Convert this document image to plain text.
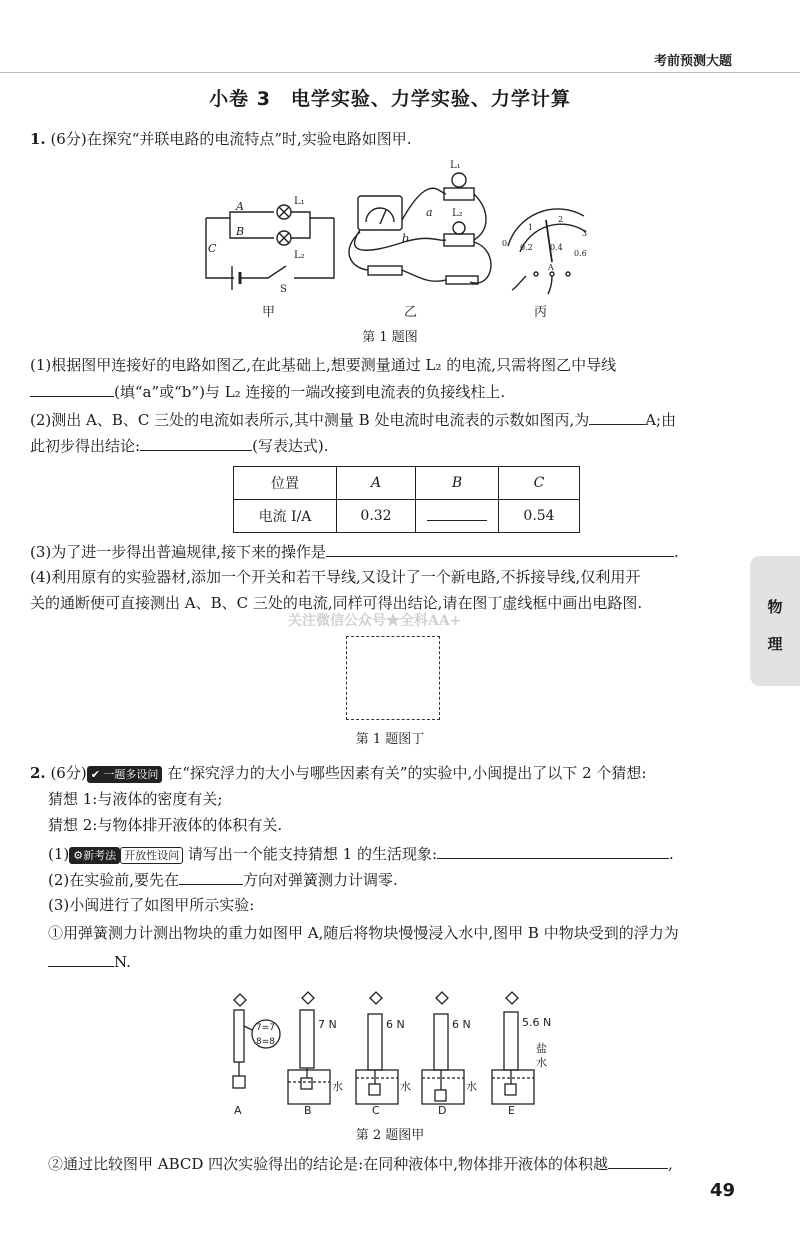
考前预测大题
小卷 3　电学实验、力学实验、力学计算
物
理
1. (6分)在探究“并联电路的电流特点”时,实验电路如图甲.
A
B
C
a
b
S
L₁
L₂
L₁
L₂
0 0.2
1
2
3
0.4
0.6
A
甲	乙	丙
第 1 题图
(1)根据图甲连接好的电路如图乙,在此基础上,想要测量通过 L₂ 的电流,只需将图乙中导线
(填“a”或“b”)与 L₂ 连接的一端改接到电流表的负接线柱上.
(2)测出 A、B、C 三处的电流如表所示,其中测量 B 处电流时电流表的示数如图丙,为	A;由
此初步得出结论:	(写表达式).
位置	A	B	C
电流 I/A	0.32		0.54
(3)为了进一步得出普遍规律,接下来的操作是	.
(4)利用原有的实验器材,添加一个开关和若干导线,又设计了一个新电路,不拆接导线,仅利用开
关的通断便可直接测出 A、B、C 三处的电流,同样可得出结论,请在图丁虚线框中画出电路图.
关注微信公众号★全科AA+
第 1 题图丁
2. (6分) ✔ 一题多设问 在“探究浮力的大小与哪些因素有关”的实验中,小闽提出了以下 2 个猜想:
猜想 1:与液体的密度有关;
猜想 2:与物体排开液体的体积有关.
(1) ⚙新考法 开放性设问 请写出一个能支持猜想 1 的生活现象:	.
(2)在实验前,要先在	方向对弹簧测力计调零.
(3)小闽进行了如图甲所示实验:
①用弹簧测力计测出物块的重力如图甲 A,随后将物块慢慢浸入水中,图甲 B 中物块受到的浮力为
N.
7=7
8=8
7 N	6 N	6 N	5.6 N
水	水	水
盐
水
A	B	C	D	E
第 2 题图甲
②通过比较图甲 ABCD 四次实验得出的结论是:在同种液体中,物体排开液体的体积越	,
49
